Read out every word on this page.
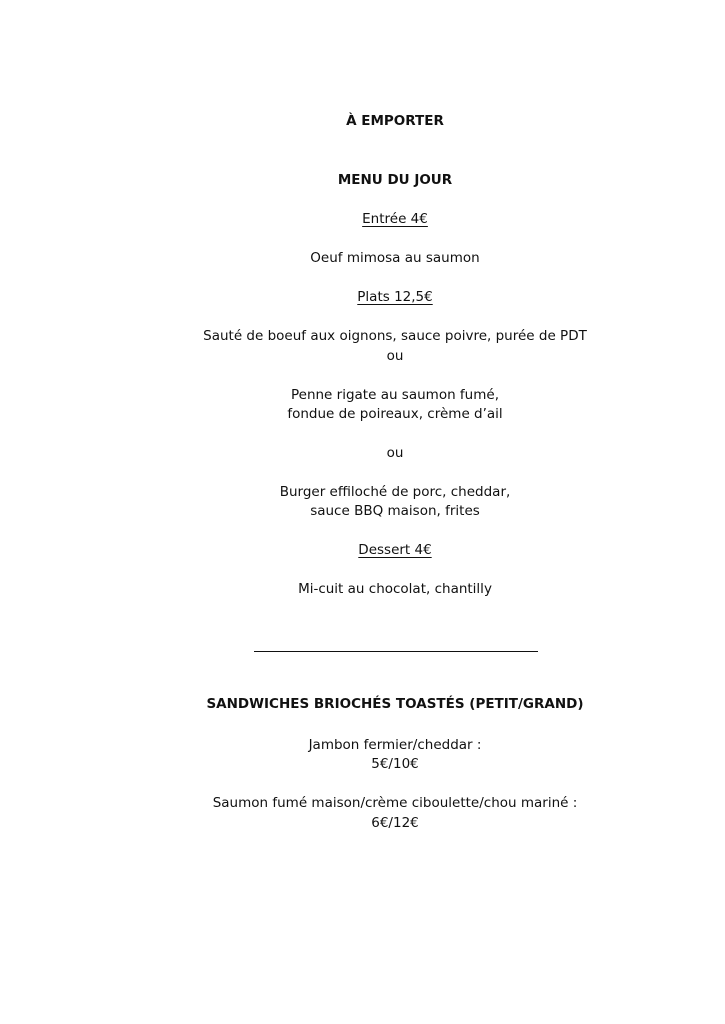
À EMPORTER
MENU DU JOUR
Entrée 4€
Oeuf mimosa au saumon
Plats 12,5€
Sauté de boeuf aux oignons, sauce poivre, purée de PDT
ou
Penne rigate au saumon fumé,
fondue de poireaux, crème d’ail
ou
Burger effiloché de porc, cheddar,
sauce BBQ maison, frites
Dessert 4€
Mi-cuit au chocolat, chantilly
SANDWICHES BRIOCHÉS TOASTÉS (PETIT/GRAND)
Jambon fermier/cheddar :
5€/10€
Saumon fumé maison/crème ciboulette/chou mariné :
6€/12€
